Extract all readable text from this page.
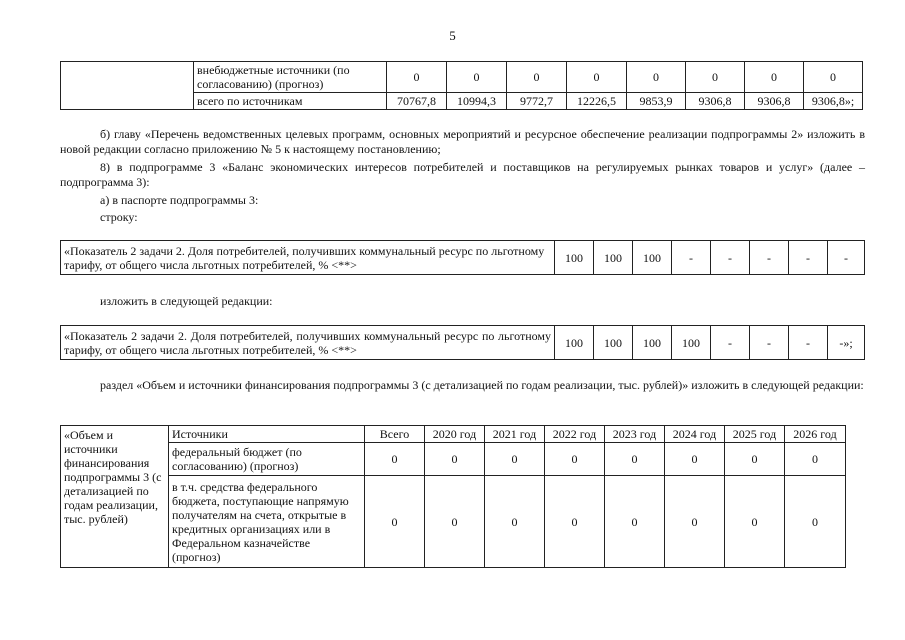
5
	внебюджетные источники (по согласованию) (прогноз)	0	0	0	0	0	0	0	0
	всего по источникам	70767,8	10994,3	9772,7	12226,5	9853,9	9306,8	9306,8	9306,8»;

б) главу «Перечень ведомственных целевых программ, основных мероприятий и ресурсное обеспечение реализации подпрограммы 2» изложить в новой редакции согласно приложению № 5 к настоящему постановлению;

8) в подпрограмме 3 «Баланс экономических интересов потребителей и поставщиков на регулируемых рынках товаров и услуг» (далее – подпрограмма 3):

а) в паспорте подпрограммы 3:

строку:

«Показатель 2 задачи 2. Доля потребителей, получивших коммунальный ресурс по льготному тарифу, от общего числа льготных потребителей, % <**>	100	100	100	-	-	-	-	-

изложить в следующей редакции:

«Показатель 2 задачи 2. Доля потребителей, получивших коммунальный ресурс по льготному тарифу, от общего числа льготных потребителей, % <**>	100	100	100	100	-	-	-	-»;

раздел «Объем и источники финансирования подпрограммы 3 (с детализацией по годам реализации, тыс. рублей)» изложить в следующей редакции:

«Объем и источники финансирования подпрограммы 3 (с детализацией по годам реализации, тыс. рублей)	Источники	Всего	2020 год	2021 год	2022 год	2023 год	2024 год	2025 год	2026 год
	федеральный бюджет (по согласованию) (прогноз)	0	0	0	0	0	0	0	0
	в т.ч. средства федерального бюджета, поступающие напрямую получателям на счета, открытые в кредитных организациях или в Федеральном казначействе (прогноз)	0	0	0	0	0	0	0	0
